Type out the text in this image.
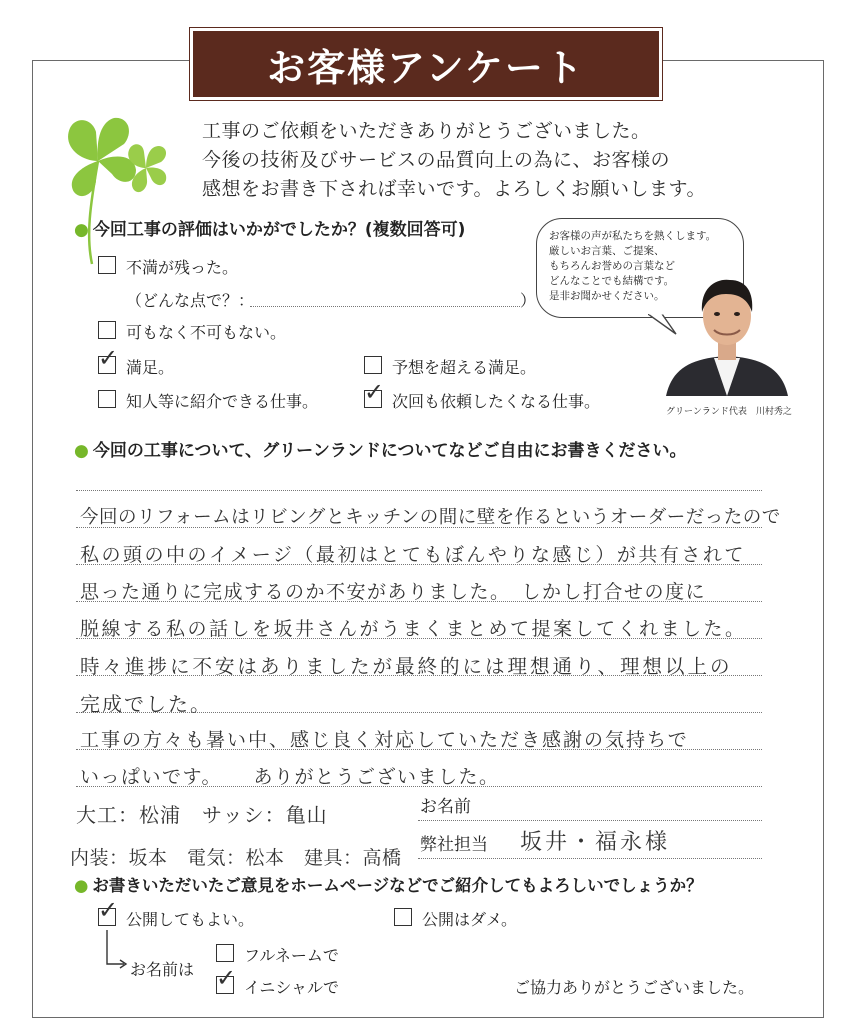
お客様アンケート
工事のご依頼をいただきありがとうございました。
今後の技術及びサービスの品質向上の為に、お客様の
感想をお書き下されば幸いです。よろしくお願いします。
● 今回工事の評価はいかがでしたか？(複数回答可)
不満が残った。
（どんな点で？：	）
可もなく不可もない。
✓ 満足。	予想を超える満足。
知人等に紹介できる仕事。 ✓ 次回も依頼したくなる仕事。
お客様の声が私たちを熱くします。
厳しいお言葉、ご提案、
もちろんお誉めの言葉など
どんなことでも結構です。
是非お聞かせください。
グリーンランド代表　川村秀之
● 今回の工事について、グリーンランドについてなどご自由にお書きください。
今回のリフォームはリビングとキッチンの間に壁を作るというオーダーだったので
私の頭の中のイメージ（最初はとてもぼんやりな感じ）が共有されて
思った通りに完成するのか不安がありました。　しかし打合せの度に
脱線する私の話しを坂井さんがうまくまとめて提案してくれました。
時々進捗に不安はありましたが最終的には理想通り、理想以上の
完成でした。
工事の方々も暑い中、感じ良く対応していただき感謝の気持ちで
いっぱいです。　　ありがとうございました。
大工：松浦　サッシ：亀山
内装：坂本　電気：松本　建具：高橋
お名前
弊社担当 坂井・福永様
● お書きいただいたご意見をホームページなどでご紹介してもよろしいでしょうか？
✓ 公開してもよい。	公開はダメ。
お名前は
フルネームで
✓ イニシャルで	ご協力ありがとうございました。
